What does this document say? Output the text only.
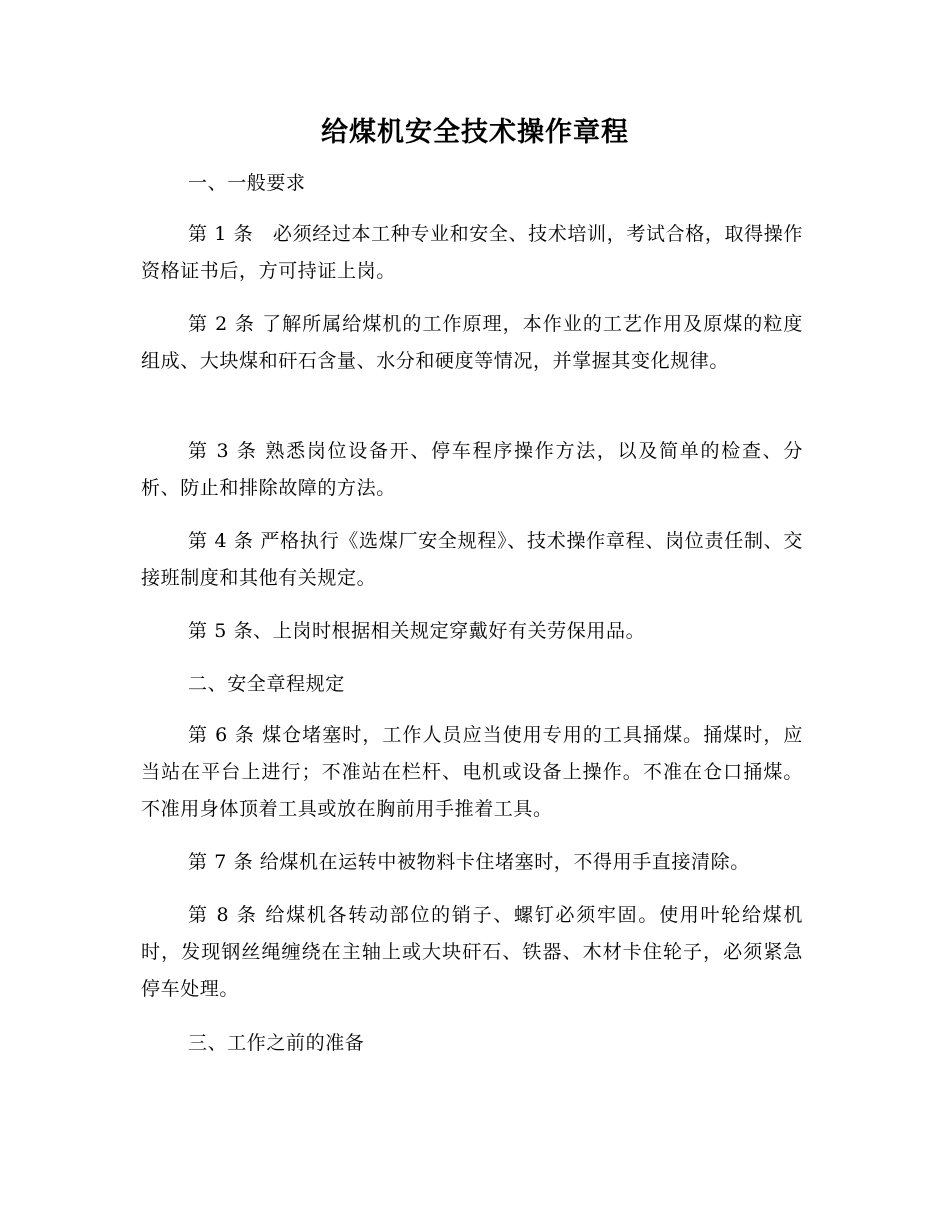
给煤机安全技术操作章程

一、一般要求

第 1 条　必须经过本工种专业和安全、技术培训，考试合格，取得操作资格证书后，方可持证上岗。

第 2 条 了解所属给煤机的工作原理，本作业的工艺作用及原煤的粒度组成、大块煤和矸石含量、水分和硬度等情况，并掌握其变化规律。

第 3 条 熟悉岗位设备开、停车程序操作方法，以及简单的检查、分析、防止和排除故障的方法。

第 4 条 严格执行《选煤厂安全规程》、技术操作章程、岗位责任制、交接班制度和其他有关规定。

第 5 条、上岗时根据相关规定穿戴好有关劳保用品。

二、安全章程规定

第 6 条 煤仓堵塞时，工作人员应当使用专用的工具捅煤。捅煤时，应当站在平台上进行；不准站在栏杆、电机或设备上操作。不准在仓口捅煤。不准用身体顶着工具或放在胸前用手推着工具。

第 7 条 给煤机在运转中被物料卡住堵塞时，不得用手直接清除。

第 8 条 给煤机各转动部位的销子、螺钉必须牢固。使用叶轮给煤机时，发现钢丝绳缠绕在主轴上或大块矸石、铁器、木材卡住轮子，必须紧急停车处理。

三、工作之前的准备
